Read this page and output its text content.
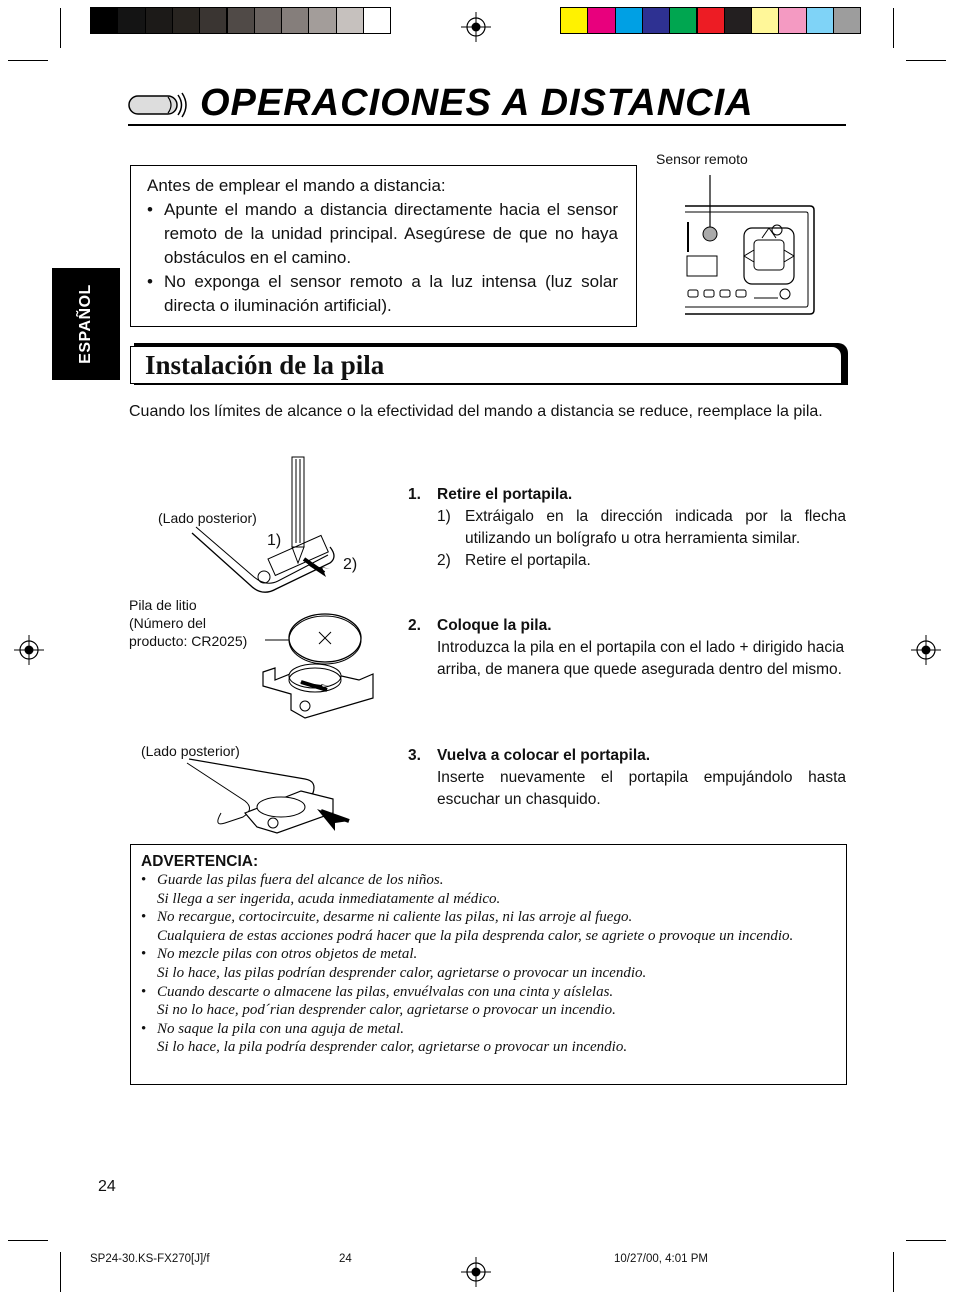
OPERACIONES A DISTANCIA
ESPAÑOL

Antes de emplear el mando a distancia:

• Apunte el mando a distancia directamente hacia el sensor remoto de la unidad principal. Asegúrese de que no haya obstáculos en el camino.
• No exponga el sensor remoto a la luz intensa (luz solar directa o iluminación artificial).
Sensor remoto
Instalación de la pila
Cuando los límites de alcance o la efectividad del mando a distancia se reduce, reemplace la pila.
(Lado posterior)
1)
2)
Pila de litio
(Número del
producto: CR2025)
(Lado posterior)
1.	Retire el portapila.
1) Extráigalo en la dirección indicada por la flecha utilizando un bolígrafo u otra herramienta similar.
2) Retire el portapila.
2.	Coloque la pila.
Introduzca la pila en el portapila con el lado + dirigido hacia arriba, de manera que quede asegurada dentro del mismo.
3.	Vuelva a colocar el portapila.
Inserte nuevamente el portapila empujándolo hasta escuchar un chasquido.
ADVERTENCIA:
• Guarde las pilas fuera del alcance de los niños.
Si llega a ser ingerida, acuda inmediatamente al médico.
• No recargue, cortocircuite, desarme ni caliente las pilas, ni las arroje al fuego.
Cualquiera de estas acciones podrá hacer que la pila desprenda calor, se agriete o provoque un incendio.
• No mezcle pilas con otros objetos de metal.
Si lo hace, las pilas podrían desprender calor, agrietarse o provocar un incendio.
• Cuando descarte o almacene las pilas, envuélvalas con una cinta y aíslelas.
Si no lo hace, pod´rian desprender calor, agrietarse o provocar un incendio.
• No saque la pila con una aguja de metal.
Si lo hace, la pila podría desprender calor, agrietarse o provocar un incendio.
24
SP24-30.KS-FX270[J]/f	24	10/27/00, 4:01 PM
